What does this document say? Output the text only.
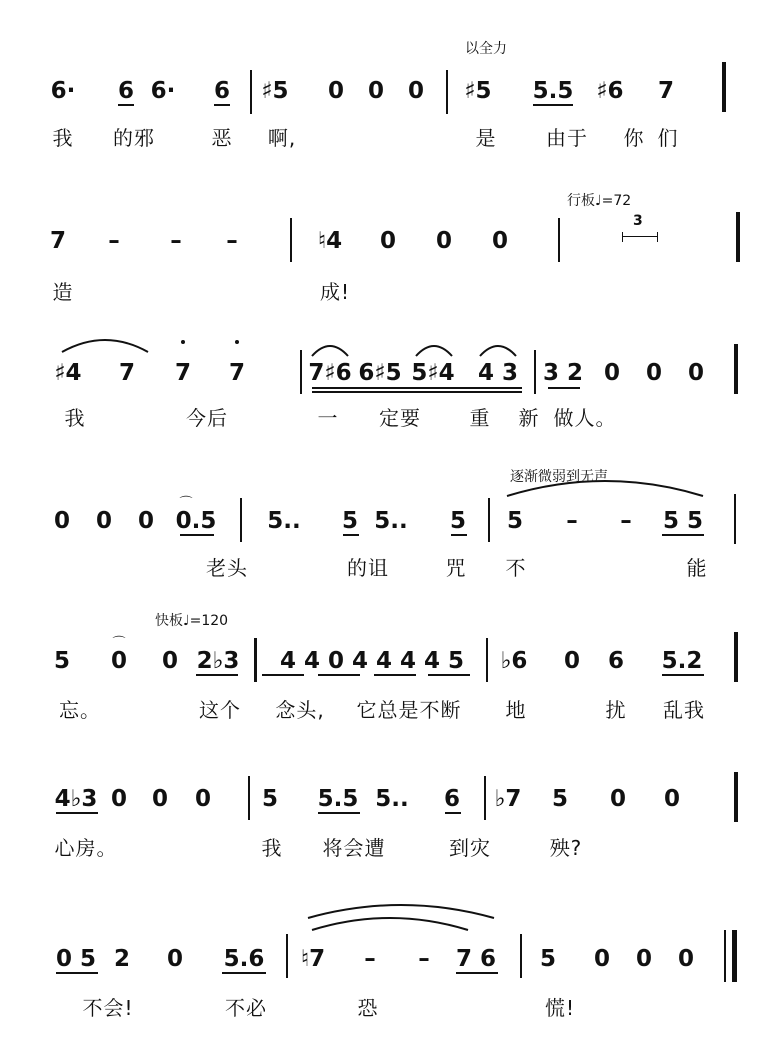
以全力
6· 6 6· 6 ♯5 0 0 0 ♯5 5.5 ♯6 7
我 的邪	恶 啊,	是 由于 你 们
行板♩=72
7 – – –	♮4 0 0 0
3
造	成!
♯4 7 7 7	7♯6 6♯5 5♯4 4 3 3 2 0 0 0
我	今后	一 定要 重 新 做人。
逐渐微弱到无声
⌒
0 0 0 0.5 5.. 5 5.. 5 5 – – 5 5
老头	的诅	咒 不	能
快板♩=120
⌒
5 0 0 2♭3 4 4 0 4 4 4 4 5 ♭6 0 6 5.2
忘。	这个 念头, 它总是不断 地	扰 乱我
4♭3 0 0 0 5 5.5 5.. 6 ♭7 5 0 0
心房。	我 将会遭	到灾	殃?
0 5 2 0 5.6 ♮7 – – 7 6 5 0 0 0
不会!	不必	恐	慌!
